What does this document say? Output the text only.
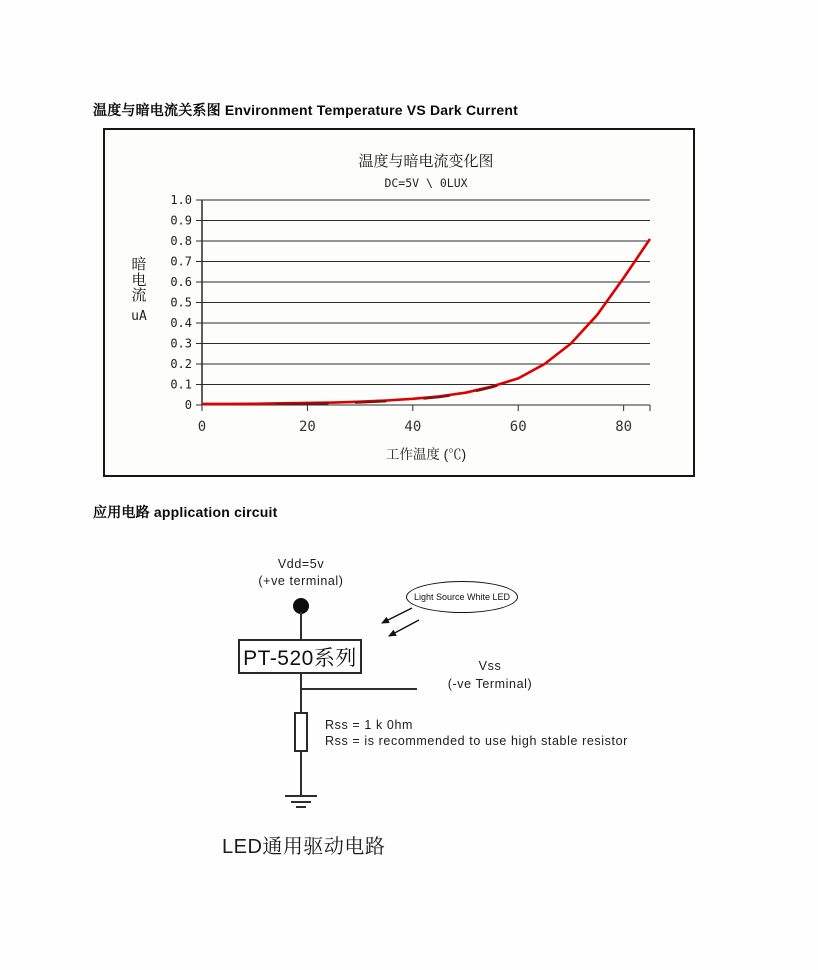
温度与暗电流关系图 Environment Temperature VS Dark Current
温度与暗电流变化图
DC=5V \ 0LUX
暗电流
uA
0
0.1
0.2
0.3
0.4
0.5
0.6
0.7
0.8
0.9
1.0
0	20	40	60	80
工作温度 (℃)
应用电路 application circuit
Vdd=5v
(+ve terminal)
PT-520系列	Vss
(-ve Terminal)
Rss = 1 k 0hm
Rss = is recommended to use high stable resistor
Light Source White LED
LED通用驱动电路
